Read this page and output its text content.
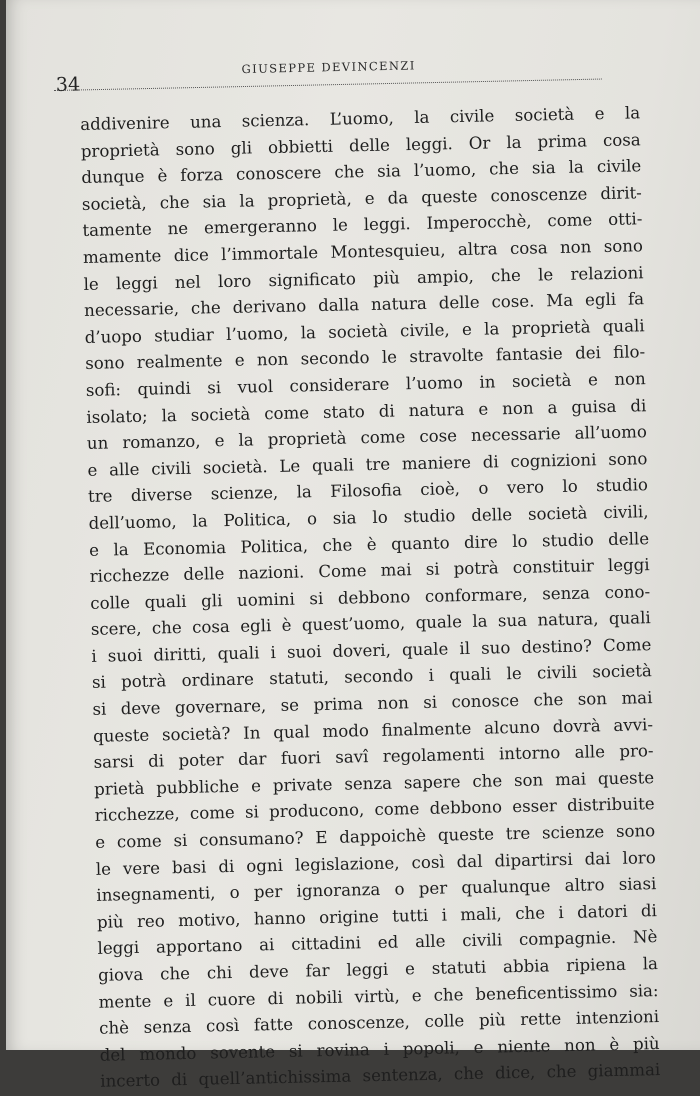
34
GIUSEPPE DEVINCENZI
addivenire una scienza. L’uomo, la civile società e la
proprietà sono gli obbietti delle leggi. Or la prima cosa
dunque è forza conoscere che sia l’uomo, che sia la civile
società, che sia la proprietà, e da queste conoscenze dirit-
tamente ne emergeranno le leggi. Imperocchè, come otti-
mamente dice l’immortale Montesquieu, altra cosa non sono
le leggi nel loro significato più ampio, che le relazioni
necessarie, che derivano dalla natura delle cose. Ma egli fa
d’uopo studiar l’uomo, la società civile, e la proprietà quali
sono realmente e non secondo le stravolte fantasie dei filo-
sofi: quindi si vuol considerare l’uomo in società e non
isolato; la società come stato di natura e non a guisa di
un romanzo, e la proprietà come cose necessarie all’uomo
e alle civili società. Le quali tre maniere di cognizioni sono
tre diverse scienze, la Filosofia cioè, o vero lo studio
dell’uomo, la Politica, o sia lo studio delle società civili,
e la Economia Politica, che è quanto dire lo studio delle
ricchezze delle nazioni. Come mai si potrà constituir leggi
colle quali gli uomini si debbono conformare, senza cono-
scere, che cosa egli è quest’uomo, quale la sua natura, quali
i suoi diritti, quali i suoi doveri, quale il suo destino? Come
si potrà ordinare statuti, secondo i quali le civili società
si deve governare, se prima non si conosce che son mai
queste società? In qual modo finalmente alcuno dovrà avvi-
sarsi di poter dar fuori savî regolamenti intorno alle pro-
prietà pubbliche e private senza sapere che son mai queste
ricchezze, come si producono, come debbono esser distribuite
e come si consumano? E dappoichè queste tre scienze sono
le vere basi di ogni legislazione, così dal dipartirsi dai loro
insegnamenti, o per ignoranza o per qualunque altro siasi
più reo motivo, hanno origine tutti i mali, che i datori di
leggi apportano ai cittadini ed alle civili compagnie. Nè
giova che chi deve far leggi e statuti abbia ripiena la
mente e il cuore di nobili virtù, e che beneficentissimo sia:
chè senza così fatte conoscenze, colle più rette intenzioni
del mondo sovente si rovina i popoli, e niente non è più
incerto di quell’antichissima sentenza, che dice, che giammai
